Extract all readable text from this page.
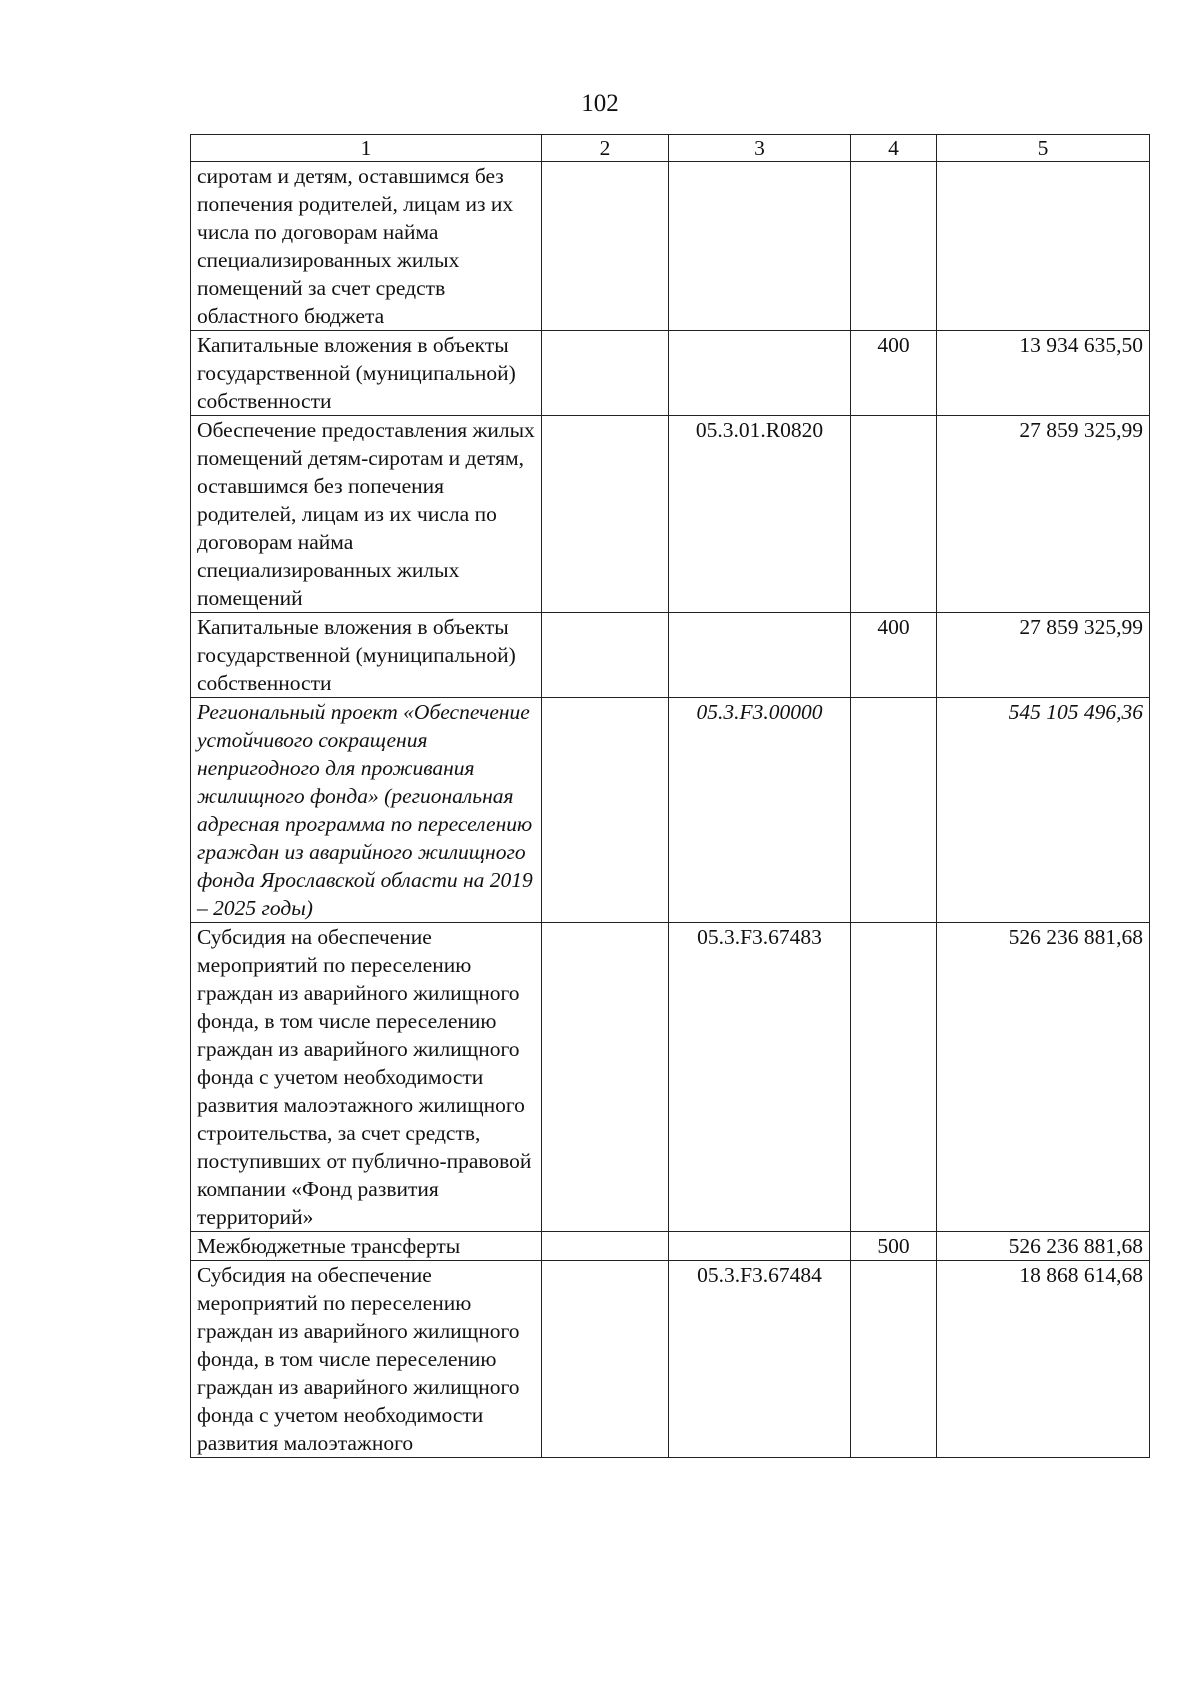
102
1	2	3	4	5
сиротам и детям, оставшимся без попечения родителей, лицам из их числа по договорам найма специализированных жилых помещений за счет средств областного бюджета				
Капитальные вложения в объекты государственной (муниципальной) собственности			400	13 934 635,50
Обеспечение предоставления жилых помещений детям-сиротам и детям, оставшимся без попечения родителей, лицам из их числа по договорам найма специализированных жилых помещений		05.3.01.R0820		27 859 325,99
Капитальные вложения в объекты государственной (муниципальной) собственности			400	27 859 325,99
Региональный проект «Обеспечение устойчивого сокращения непригодного для проживания жилищного фонда» (региональная адресная программа по переселению граждан из аварийного жилищного фонда Ярославской области на 2019 – 2025 годы)		05.3.F3.00000		545 105 496,36
Субсидия на обеспечение мероприятий по переселению граждан из аварийного жилищного фонда, в том числе переселению граждан из аварийного жилищного фонда с учетом необходимости развития малоэтажного жилищного строительства, за счет средств, поступивших от публично-правовой компании «Фонд развития территорий»		05.3.F3.67483		526 236 881,68
Межбюджетные трансферты			500	526 236 881,68
Субсидия на обеспечение мероприятий по переселению граждан из аварийного жилищного фонда, в том числе переселению граждан из аварийного жилищного фонда с учетом необходимости развития малоэтажного		05.3.F3.67484		18 868 614,68
